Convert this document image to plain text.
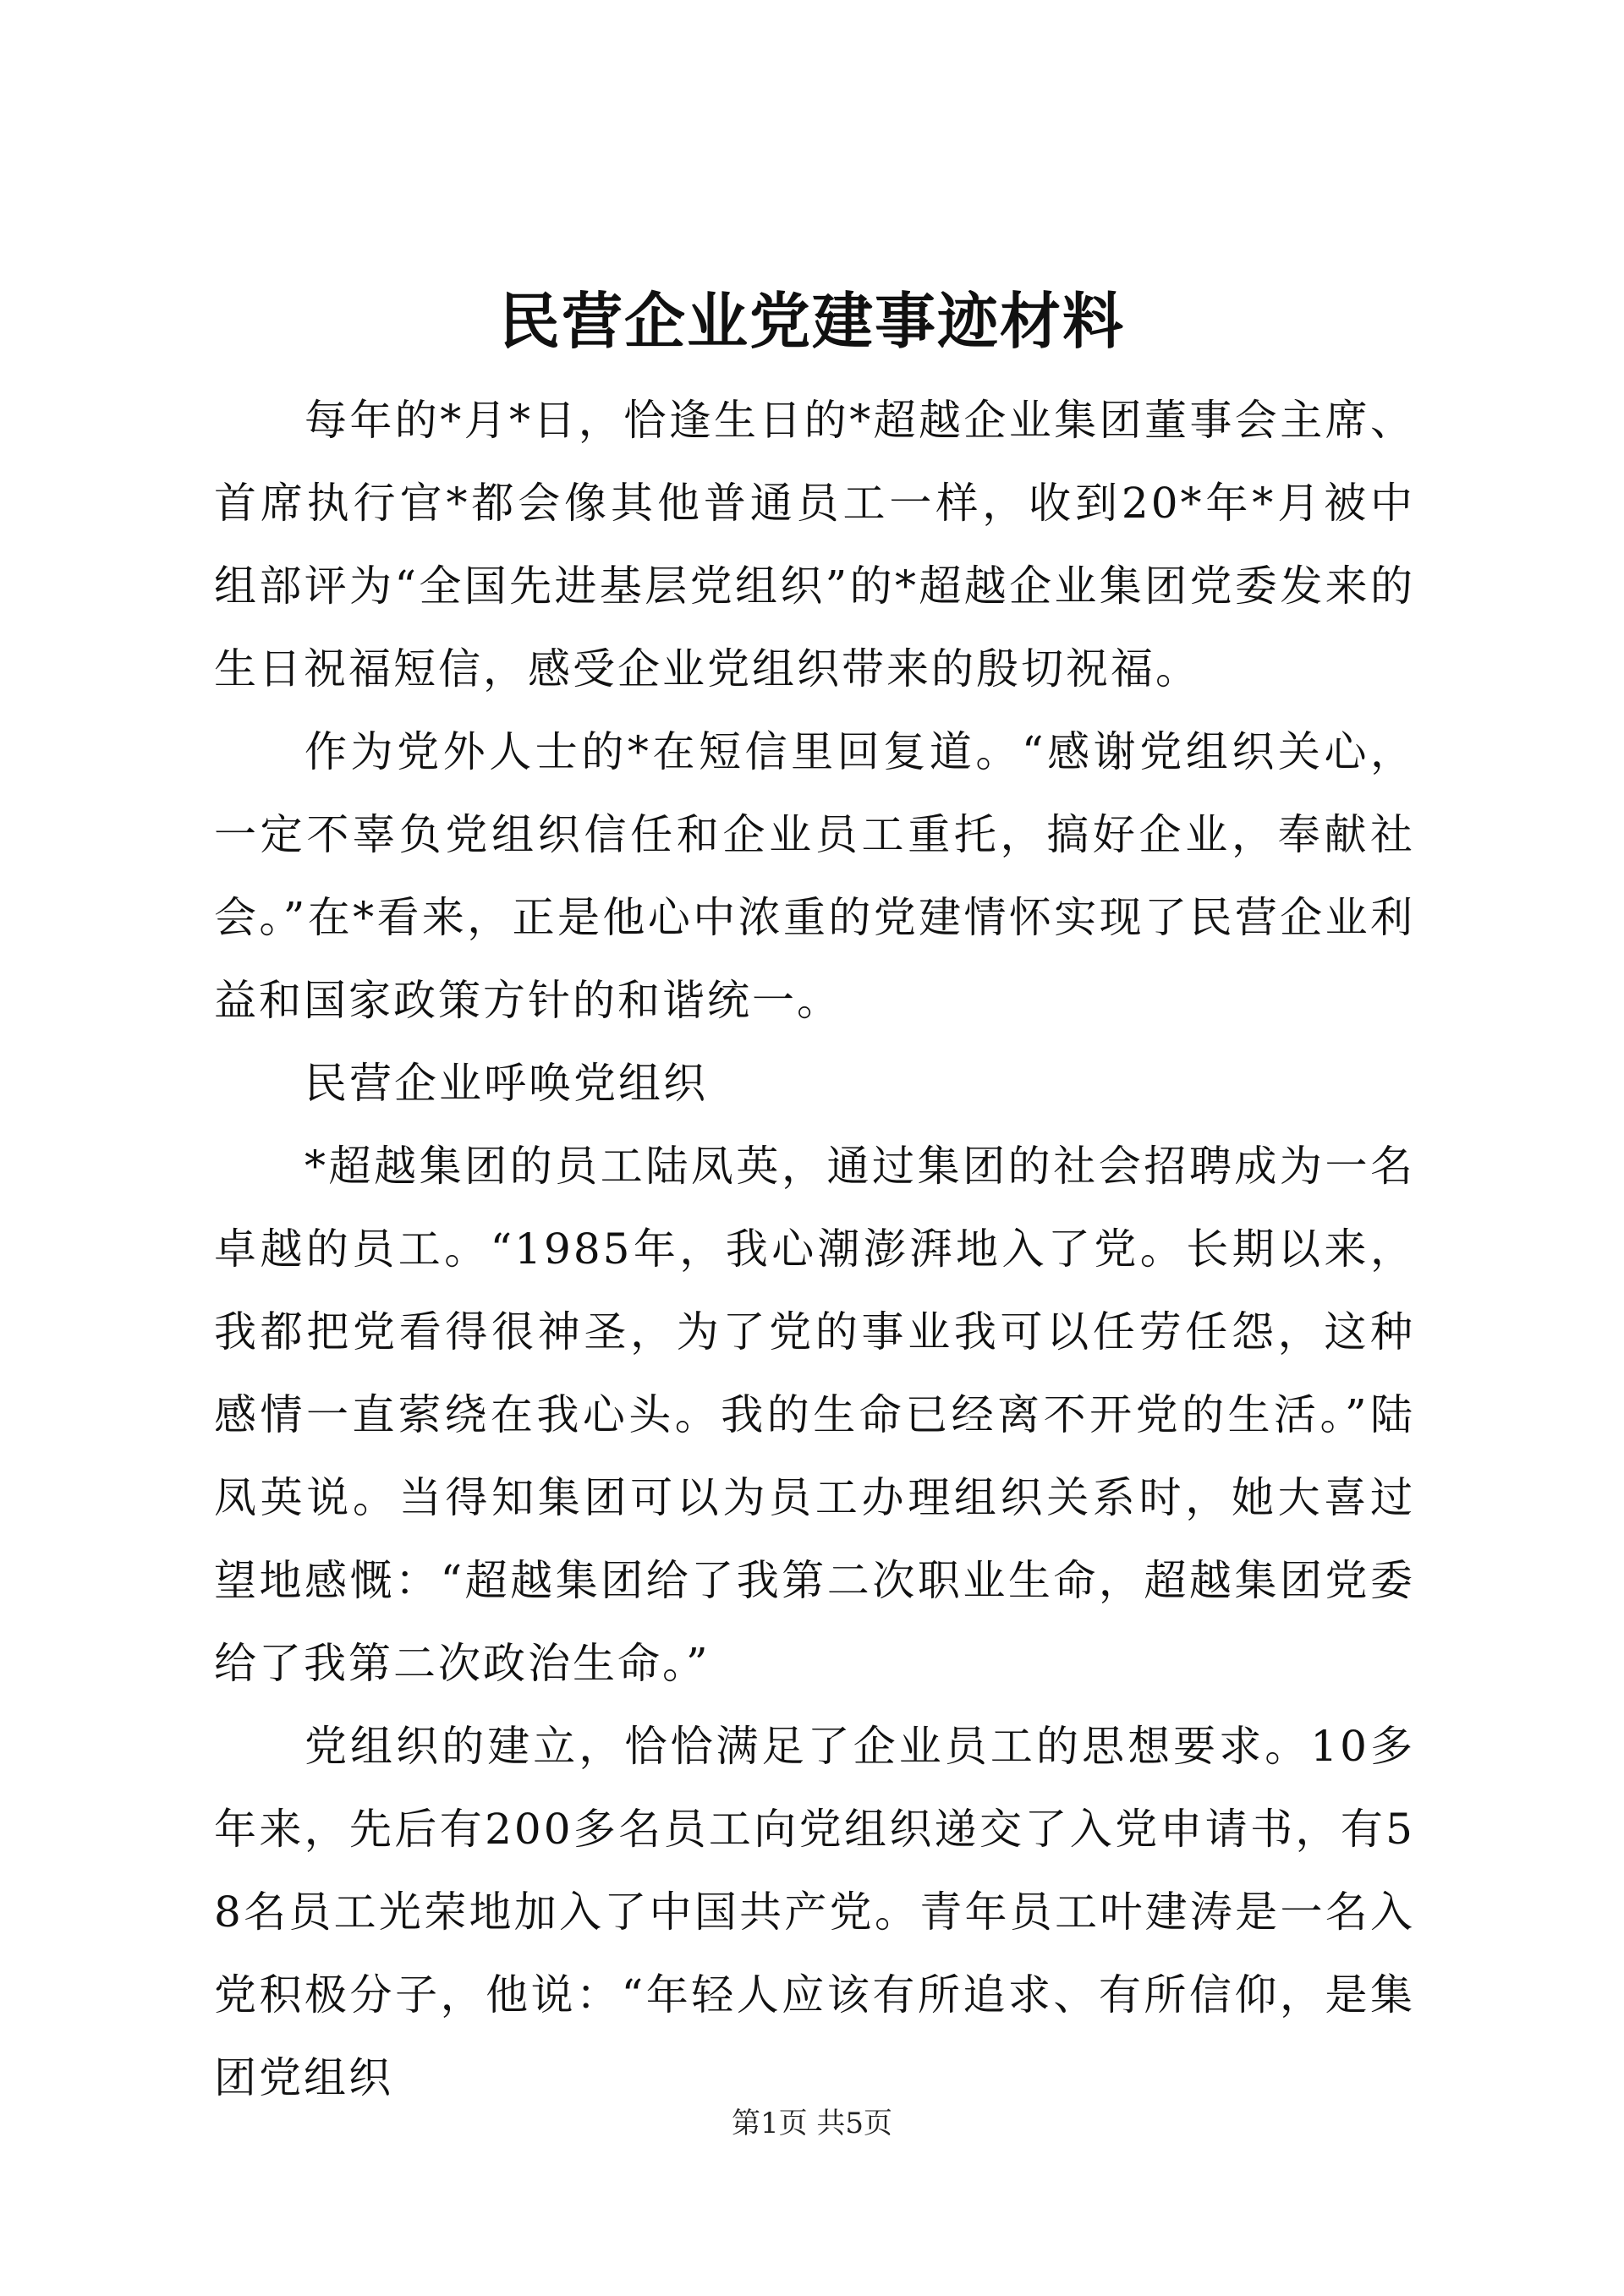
民营企业党建事迹材料

每年的*月*日，恰逢生日的*超越企业集团董事会主席、首席执行官*都会像其他普通员工一样，收到20*年*月被中组部评为“全国先进基层党组织”的*超越企业集团党委发来的生日祝福短信，感受企业党组织带来的殷切祝福。

作为党外人士的*在短信里回复道。“感谢党组织关心，一定不辜负党组织信任和企业员工重托，搞好企业，奉献社会。”在*看来，正是他心中浓重的党建情怀实现了民营企业利益和国家政策方针的和谐统一。

民营企业呼唤党组织

*超越集团的员工陆凤英，通过集团的社会招聘成为一名卓越的员工。“1985年，我心潮澎湃地入了党。长期以来，我都把党看得很神圣，为了党的事业我可以任劳任怨，这种感情一直萦绕在我心头。我的生命已经离不开党的生活。”陆凤英说。当得知集团可以为员工办理组织关系时，她大喜过望地感慨：“超越集团给了我第二次职业生命，超越集团党委给了我第二次政治生命。”

党组织的建立，恰恰满足了企业员工的思想要求。10多年来，先后有200多名员工向党组织递交了入党申请书，有58名员工光荣地加入了中国共产党。青年员工叶建涛是一名入党积极分子，他说：“年轻人应该有所追求、有所信仰，是集团党组织

第1页 共5页
